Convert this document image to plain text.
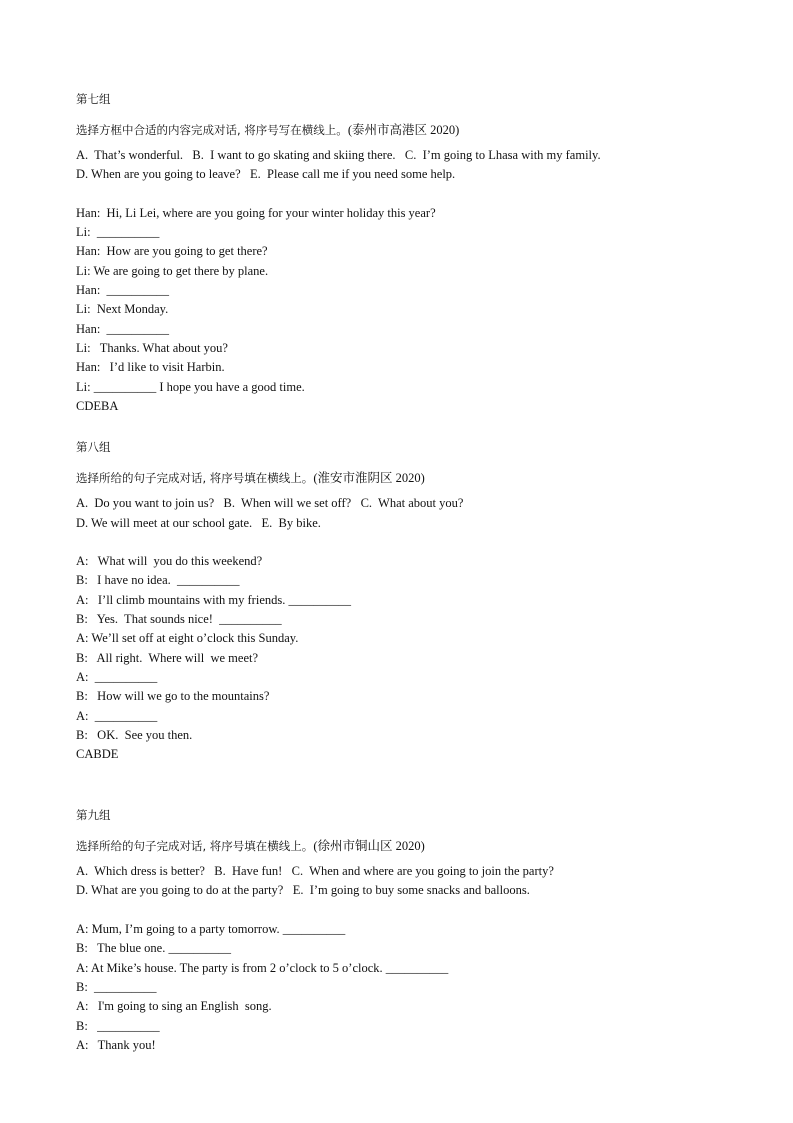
第七组
选择方框中合适的内容完成对话, 将序号写在横线上。(泰州市高港区 2020)
A.  That’s wonderful.   B.  I want to go skating and skiing there.   C.  I’m going to Lhasa with my family.
D. When are you going to leave?   E.  Please call me if you need some help.
Han:  Hi, Li Lei, where are you going for your winter holiday this year?
Li:  __________
Han:  How are you going to get there?
Li: We are going to get there by plane.
Han:  __________
Li:  Next Monday.
Han:  __________
Li:   Thanks. What about you?
Han:   I’d like to visit Harbin.
Li: __________ I hope you have a good time.
CDEBA
第八组
选择所给的句子完成对话, 将序号填在横线上。(淮安市淮阴区 2020)
A.  Do you want to join us?   B.  When will we set off?   C.  What about you?
D. We will meet at our school gate.   E.  By bike.
A:   What will  you do this weekend?
B:   I have no idea.  __________
A:   I’ll climb mountains with my friends. __________
B:   Yes.  That sounds nice!  __________
A: We’ll set off at eight o’clock this Sunday.
B:   All right.  Where will  we meet?
A:  __________
B:   How will we go to the mountains?
A:  __________
B:   OK.  See you then.
CABDE
第九组
选择所给的句子完成对话, 将序号填在横线上。(徐州市铜山区 2020)
A.  Which dress is better?   B.  Have fun!   C.  When and where are you going to join the party?
D. What are you going to do at the party?   E.  I’m going to buy some snacks and balloons.
A: Mum, I’m going to a party tomorrow. __________
B:   The blue one. __________
A: At Mike’s house. The party is from 2 o’clock to 5 o’clock. __________
B:  __________
A:   I'm going to sing an English  song.
B:   __________
A:   Thank you!
